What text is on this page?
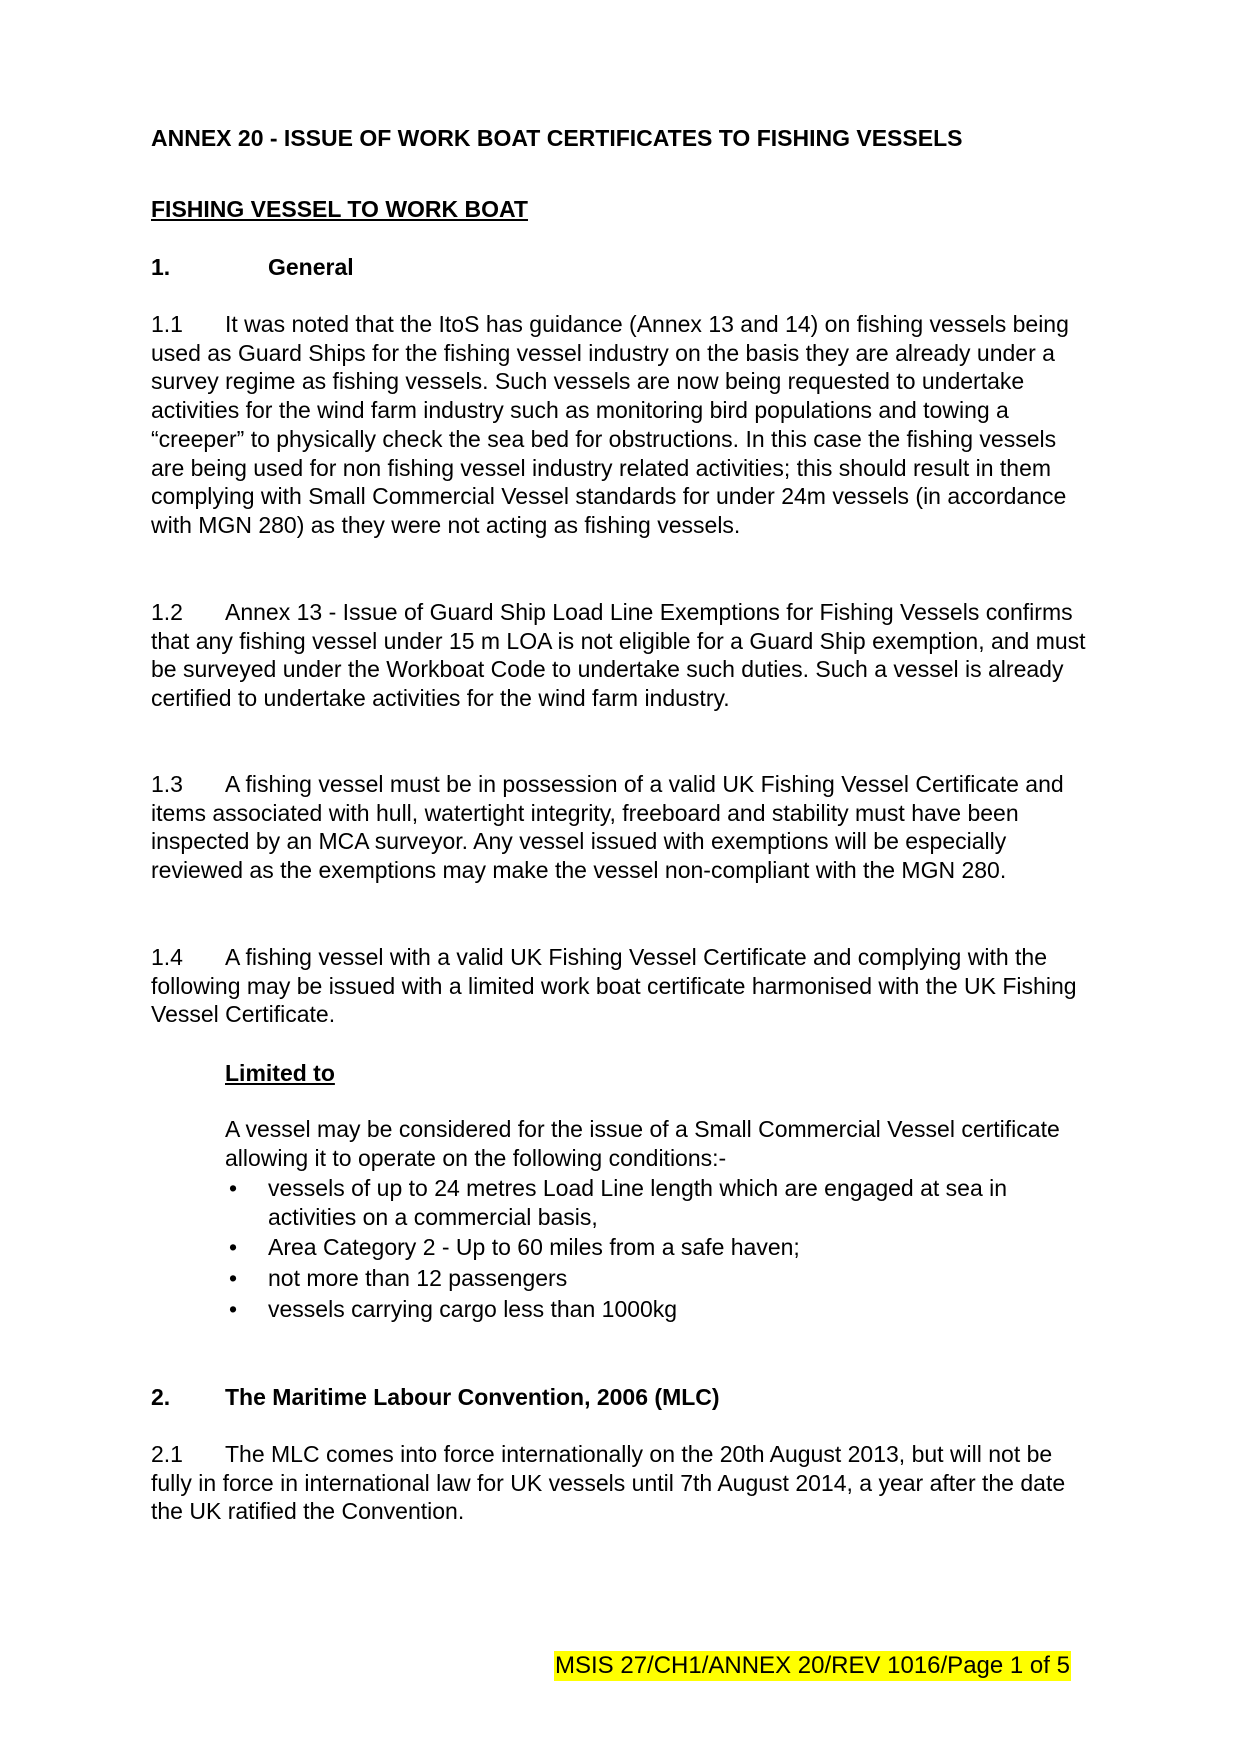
ANNEX 20 - ISSUE OF WORK BOAT CERTIFICATES TO FISHING VESSELS
FISHING VESSEL TO WORK BOAT
1.	General

1.1 It was noted that the ItoS has guidance (Annex 13 and 14) on fishing vessels being used as Guard Ships for the fishing vessel industry on the basis they are already under a survey regime as fishing vessels. Such vessels are now being requested to undertake activities for the wind farm industry such as monitoring bird populations and towing a “creeper” to physically check the sea bed for obstructions. In this case the fishing vessels are being used for non fishing vessel industry related activities; this should result in them complying with Small Commercial Vessel standards for under 24m vessels (in accordance with MGN 280) as they were not acting as fishing vessels.

1.2 Annex 13 - Issue of Guard Ship Load Line Exemptions for Fishing Vessels confirms that any fishing vessel under 15 m LOA is not eligible for a Guard Ship exemption, and must be surveyed under the Workboat Code to undertake such duties. Such a vessel is already certified to undertake activities for the wind farm industry.

1.3 A fishing vessel must be in possession of a valid UK Fishing Vessel Certificate and items associated with hull, watertight integrity, freeboard and stability must have been inspected by an MCA surveyor. Any vessel issued with exemptions will be especially reviewed as the exemptions may make the vessel non-compliant with the MGN 280.

1.4 A fishing vessel with a valid UK Fishing Vessel Certificate and complying with the following may be issued with a limited work boat certificate harmonised with the UK Fishing Vessel Certificate.

Limited to

A vessel may be considered for the issue of a Small Commercial Vessel certificate allowing it to operate on the following conditions:-

• vessels of up to 24 metres Load Line length which are engaged at sea in activities on a commercial basis,
• Area Category 2 - Up to 60 miles from a safe haven;
• not more than 12 passengers
• vessels carrying cargo less than 1000kg
2. The Maritime Labour Convention, 2006 (MLC)

2.1 The MLC comes into force internationally on the 20th August 2013, but will not be fully in force in international law for UK vessels until 7th August 2014, a year after the date the UK ratified the Convention.

MSIS 27/CH1/ANNEX 20/REV 1016/Page 1 of 5
